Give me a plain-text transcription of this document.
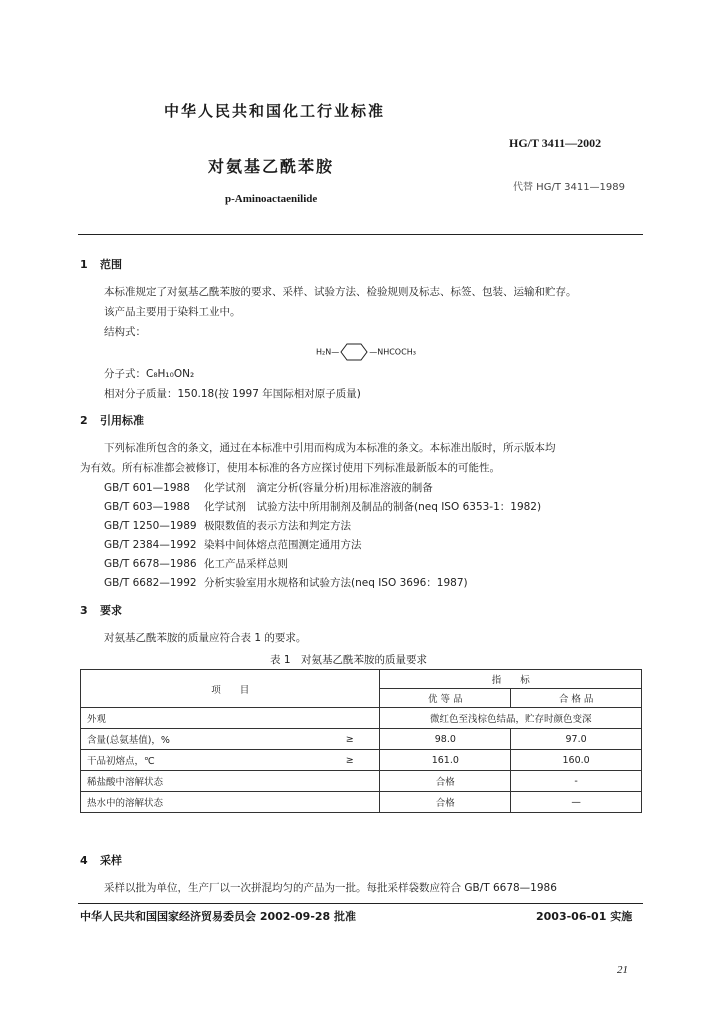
中华人民共和国化工行业标准
HG/T 3411—2002
对氨基乙酰苯胺
代替 HG/T 3411—1989
p-Aminoactaenilide
1 范围
本标准规定了对氨基乙酰苯胺的要求、采样、试验方法、检验规则及标志、标签、包装、运输和贮存。
该产品主要用于染料工业中。
结构式：
H₂N—	—NHCOCH₃
分子式：C₈H₁₀ON₂
相对分子质量：150.18(按 1997 年国际相对原子质量)
2 引用标准
下列标准所包含的条文，通过在本标准中引用而构成为本标准的条文。本标准出版时，所示版本均
为有效。所有标准都会被修订，使用本标准的各方应探讨使用下列标准最新版本的可能性。
GB/T 601—1988 化学试剂　滴定分析(容量分析)用标准溶液的制备
GB/T 603—1988 化学试剂　试验方法中所用制剂及制品的制备(neq ISO 6353-1：1982)
GB/T 1250—1989 极限数值的表示方法和判定方法
GB/T 2384—1992 染料中间体熔点范围测定通用方法
GB/T 6678—1986 化工产品采样总则
GB/T 6682—1992 分析实验室用水规格和试验方法(neq ISO 3696：1987)
3 要求
对氨基乙酰苯胺的质量应符合表 1 的要求。
表 1　对氨基乙酰苯胺的质量要求
项　　目		指　　标	
		优 等 品	合 格 品
外观		微红色至浅棕色结晶，贮存时颜色变深	
含量(总氨基值)，%	≥	98.0	97.0
干品初熔点，℃	≥	161.0	160.0
稀盐酸中溶解状态		合格	-
热水中的溶解状态		合格	—
4 采样
采样以批为单位，生产厂以一次拼混均匀的产品为一批。每批采样袋数应符合 GB/T 6678—1986
中华人民共和国国家经济贸易委员会 2002-09-28 批准	2003-06-01 实施
21
